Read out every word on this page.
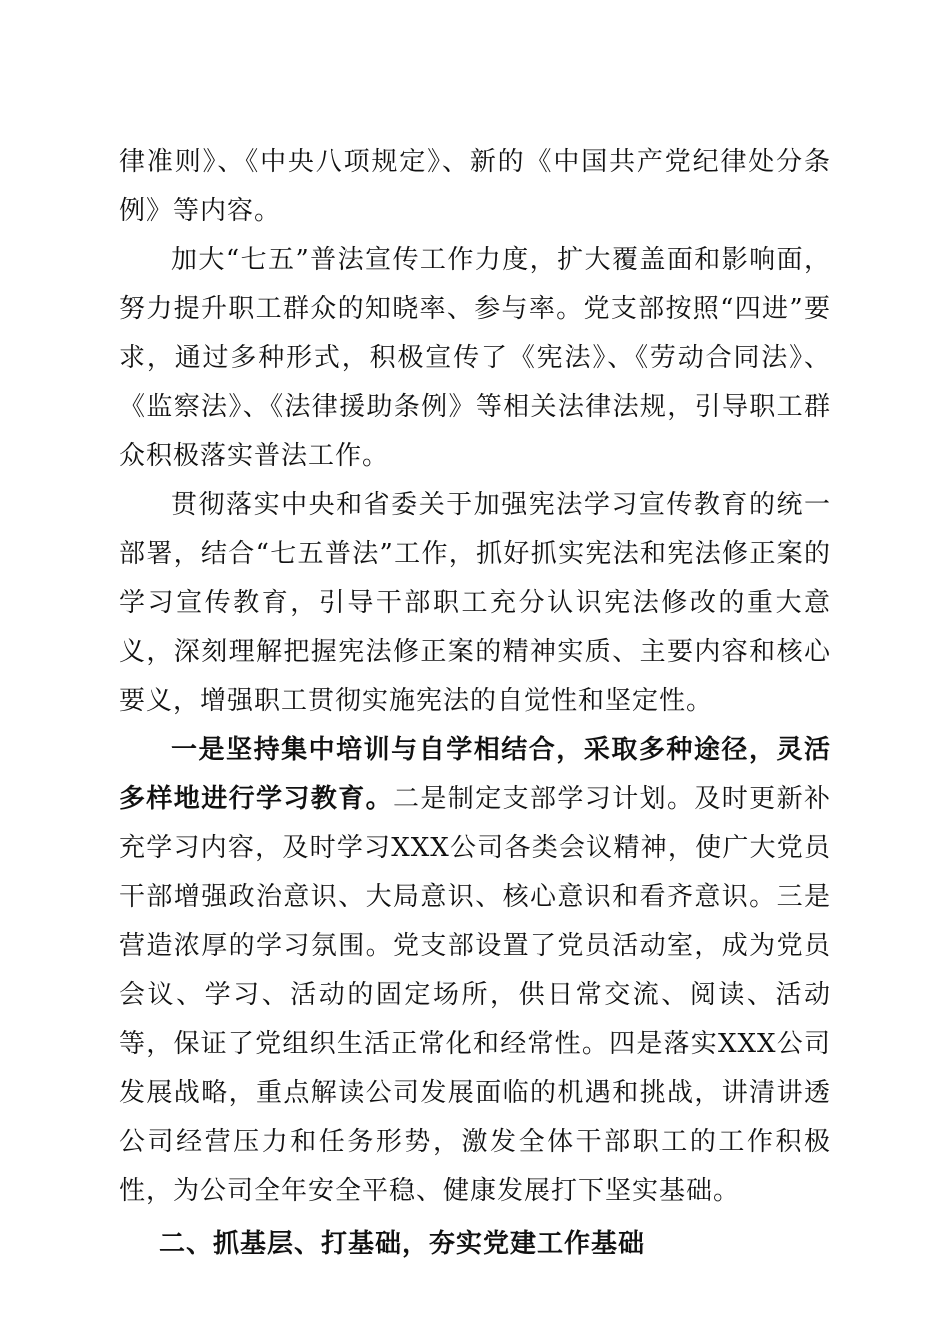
律准则》、《中央八项规定》、新的《中国共产党纪律处分条例》等内容。

加大“七五”普法宣传工作力度，扩大覆盖面和影响面，努力提升职工群众的知晓率、参与率。党支部按照“四进”要求，通过多种形式，积极宣传了《宪法》、《劳动合同法》、《监察法》、《法律援助条例》等相关法律法规，引导职工群众积极落实普法工作。

贯彻落实中央和省委关于加强宪法学习宣传教育的统一部署，结合“七五普法”工作，抓好抓实宪法和宪法修正案的学习宣传教育，引导干部职工充分认识宪法修改的重大意义，深刻理解把握宪法修正案的精神实质、主要内容和核心要义，增强职工贯彻实施宪法的自觉性和坚定性。

一是坚持集中培训与自学相结合，采取多种途径，灵活多样地进行学习教育。二是制定支部学习计划。及时更新补充学习内容，及时学习XXX公司各类会议精神，使广大党员干部增强政治意识、大局意识、核心意识和看齐意识。三是营造浓厚的学习氛围。党支部设置了党员活动室，成为党员会议、学习、活动的固定场所，供日常交流、阅读、活动等，保证了党组织生活正常化和经常性。四是落实XXX公司发展战略，重点解读公司发展面临的机遇和挑战，讲清讲透公司经营压力和任务形势，激发全体干部职工的工作积极性，为公司全年安全平稳、健康发展打下坚实基础。

二、抓基层、打基础，夯实党建工作基础
